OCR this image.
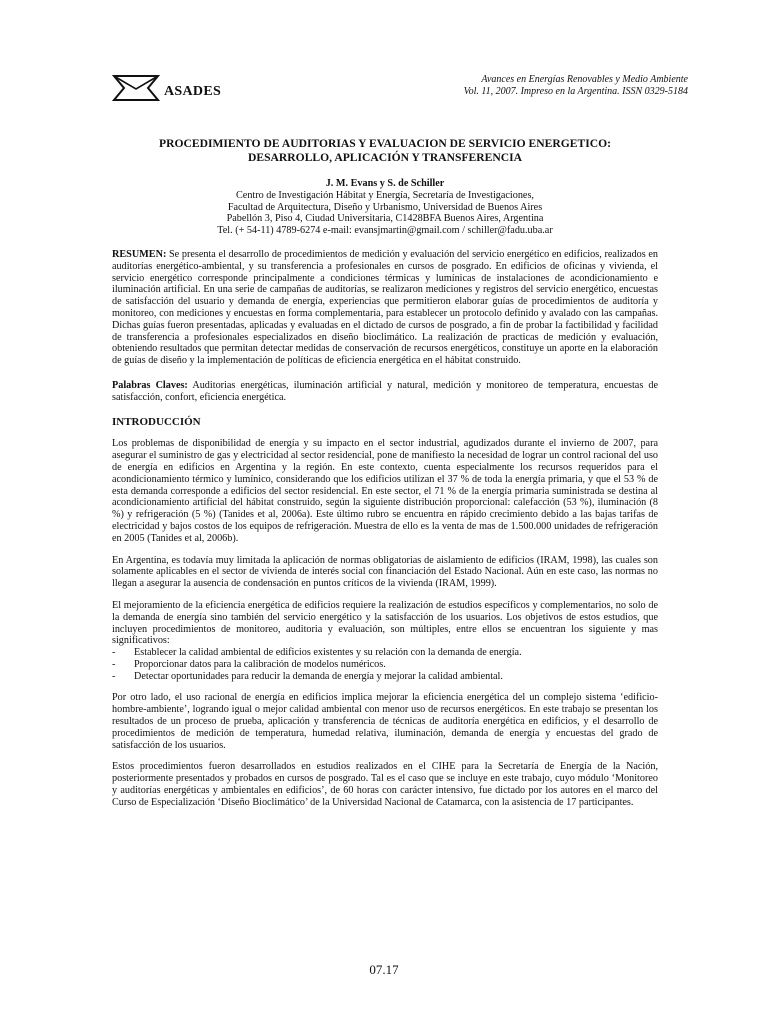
ASADES
Avances en Energías Renovables y Medio Ambiente
Vol. 11, 2007. Impreso en la Argentina. ISSN 0329-5184
PROCEDIMIENTO DE AUDITORIAS Y EVALUACION DE SERVICIO ENERGETICO:
DESARROLLO, APLICACIÓN Y TRANSFERENCIA
J. M. Evans y S. de Schiller
Centro de Investigación Hábitat y Energía, Secretaría de Investigaciones,
Facultad de Arquitectura, Diseño y Urbanismo, Universidad de Buenos Aires
Pabellón 3, Piso 4, Ciudad Universitaria, C1428BFA Buenos Aires, Argentina
Tel. (+ 54-11) 4789-6274 e-mail: evansjmartin@gmail.com / schiller@fadu.uba.ar
RESUMEN: Se presenta el desarrollo de procedimientos de medición y evaluación del servicio energético en edificios, realizados en auditorías energético-ambiental, y su transferencia a profesionales en cursos de posgrado. En edificios de oficinas y vivienda, el servicio energético corresponde principalmente a condiciones térmicas y lumínicas de instalaciones de acondicionamiento e iluminación artificial. En una serie de campañas de auditorías, se realizaron mediciones y registros del servicio energético, encuestas de satisfacción del usuario y demanda de energía, experiencias que permitieron elaborar guías de procedimientos de auditoría y monitoreo, con mediciones y encuestas en forma complementaria, para establecer un protocolo definido y avalado con las campañas. Dichas guías fueron presentadas, aplicadas y evaluadas en el dictado de cursos de posgrado, a fin de probar la factibilidad y facilidad de transferencia a profesionales especializados en diseño bioclimático. La realización de practicas de medición y evaluación, obteniendo resultados que permitan detectar medidas de conservación de recursos energéticos, constituye un aporte en la elaboración de guías de diseño y la implementación de políticas de eficiencia energética en el hábitat construido.
Palabras Claves: Auditorias energéticas, iluminación artificial y natural, medición y monitoreo de temperatura, encuestas de satisfacción, confort, eficiencia energética.
INTRODUCCIÓN

Los problemas de disponibilidad de energía y su impacto en el sector industrial, agudizados durante el invierno de 2007, para asegurar el suministro de gas y electricidad al sector residencial, pone de manifiesto la necesidad de lograr un control racional del uso de energía en edificios en Argentina y la región. En este contexto, cuenta especialmente los recursos requeridos para el acondicionamiento térmico y lumínico, considerando que los edificios utilizan el 37 % de toda la energía primaria, y que el 53 % de esta demanda corresponde a edificios del sector residencial. En este sector, el 71 % de la energía primaria suministrada se destina al acondicionamiento artificial del hábitat construido, según la siguiente distribución proporcional: calefacción (53 %), iluminación (8 %) y refrigeración (5 %) (Tanides et al, 2006a). Este último rubro se encuentra en rápido crecimiento debido a las bajas tarifas de electricidad y bajos costos de los equipos de refrigeración. Muestra de ello es la venta de mas de 1.500.000 unidades de refrigeración en 2005 (Tanides et al, 2006b).

En Argentina, es todavía muy limitada la aplicación de normas obligatorias de aislamiento de edificios (IRAM, 1998), las cuales son solamente aplicables en el sector de vivienda de interés social con financiación del Estado Nacional. Aún en este caso, las normas no llegan a asegurar la ausencia de condensación en puntos críticos de la vivienda (IRAM, 1999).

El mejoramiento de la eficiencia energética de edificios requiere la realización de estudios específicos y complementarios, no solo de la demanda de energía sino también del servicio energético y la satisfacción de los usuarios. Los objetivos de estos estudios, que incluyen procedimientos de monitoreo, auditoria y evaluación, son múltiples, entre ellos se encuentran los siguiente y mas significativos:

-	Establecer la calidad ambiental de edificios existentes y su relación con la demanda de energía.
-	Proporcionar datos para la calibración de modelos numéricos.
-	Detectar oportunidades para reducir la demanda de energía y mejorar la calidad ambiental.

Por otro lado, el uso racional de energía en edificios implica mejorar la eficiencia energética del un complejo sistema ‘edificio-hombre-ambiente’, logrando igual o mejor calidad ambiental con menor uso de recursos energéticos. En este trabajo se presentan los resultados de un proceso de prueba, aplicación y transferencia de técnicas de auditoría energética en edificios, y el desarrollo de procedimientos de medición de temperatura, humedad relativa, iluminación, demanda de energía y encuestas del grado de satisfacción de los usuarios.

Estos procedimientos fueron desarrollados en estudios realizados en el CIHE para la Secretaría de Energía de la Nación, posteriormente presentados y probados en cursos de posgrado. Tal es el caso que se incluye en este trabajo, cuyo módulo ‘Monitoreo y auditorías energéticas y ambientales en edificios’, de 60 horas con carácter intensivo, fue dictado por los autores en el marco del Curso de Especialización ‘Diseño Bioclimático’ de la Universidad Nacional de Catamarca, con la asistencia de 17 participantes.

07.17
